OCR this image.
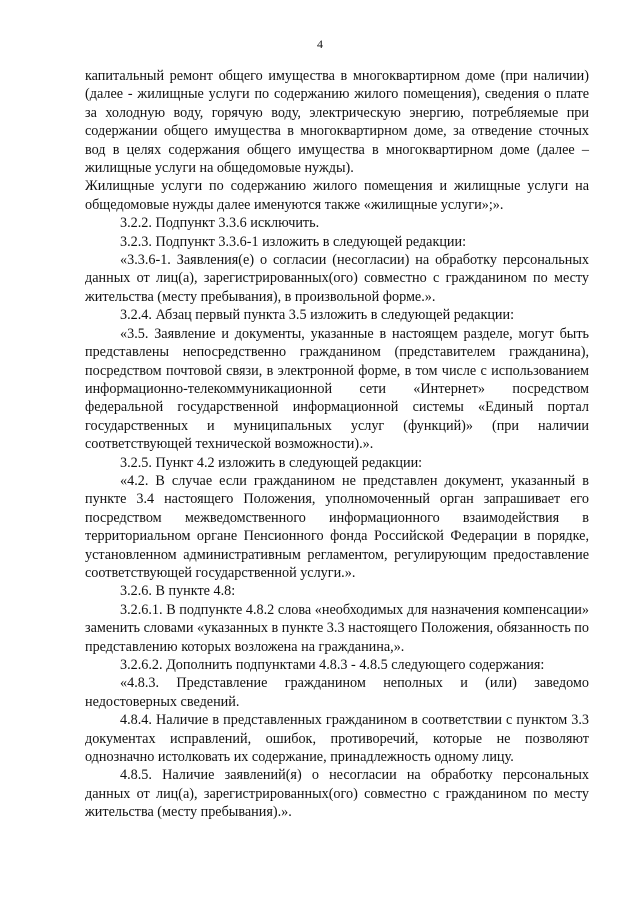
4

капитальный ремонт общего имущества в многоквартирном доме (при наличии) (далее - жилищные услуги по содержанию жилого помещения), сведения о плате за холодную воду, горячую воду, электрическую энергию, потребляемые при содержании общего имущества в многоквартирном доме, за отведение сточных вод в целях содержания общего имущества в многоквартирном доме (далее – жилищные услуги на общедомовые нужды).

Жилищные услуги по содержанию жилого помещения и жилищные услуги на общедомовые нужды далее именуются также «жилищные услуги»;».

3.2.2. Подпункт 3.3.6 исключить.

3.2.3. Подпункт 3.3.6-1 изложить в следующей редакции:

«3.3.6-1. Заявления(е) о согласии (несогласии) на обработку персональных данных от лиц(а), зарегистрированных(ого) совместно с гражданином по месту жительства (месту пребывания), в произвольной форме.».

3.2.4. Абзац первый пункта 3.5 изложить в следующей редакции:

«3.5. Заявление и документы, указанные в настоящем разделе, могут быть представлены непосредственно гражданином (представителем гражданина), посредством почтовой связи, в электронной форме, в том числе с использованием информационно-телекоммуникационной сети «Интернет» посредством федеральной государственной информационной системы «Единый портал государственных и муниципальных услуг (функций)» (при наличии соответствующей технической возможности).».

3.2.5. Пункт 4.2 изложить в следующей редакции:

«4.2. В случае если гражданином не представлен документ, указанный в пункте 3.4 настоящего Положения, уполномоченный орган запрашивает его посредством межведомственного информационного взаимодействия в территориальном органе Пенсионного фонда Российской Федерации в порядке, установленном административным регламентом, регулирующим предоставление соответствующей государственной услуги.».

3.2.6. В пункте 4.8:

3.2.6.1. В подпункте 4.8.2 слова «необходимых для назначения компенсации» заменить словами «указанных в пункте 3.3 настоящего Положения, обязанность по представлению которых возложена на гражданина,».

3.2.6.2. Дополнить подпунктами 4.8.3 - 4.8.5 следующего содержания:

«4.8.3. Представление гражданином неполных и (или) заведомо недостоверных сведений.

4.8.4. Наличие в представленных гражданином в соответствии с пунктом 3.3 документах исправлений, ошибок, противоречий, которые не позволяют однозначно истолковать их содержание, принадлежность одному лицу.

4.8.5. Наличие заявлений(я) о несогласии на обработку персональных данных от лиц(а), зарегистрированных(ого) совместно с гражданином по месту жительства (месту пребывания).».
